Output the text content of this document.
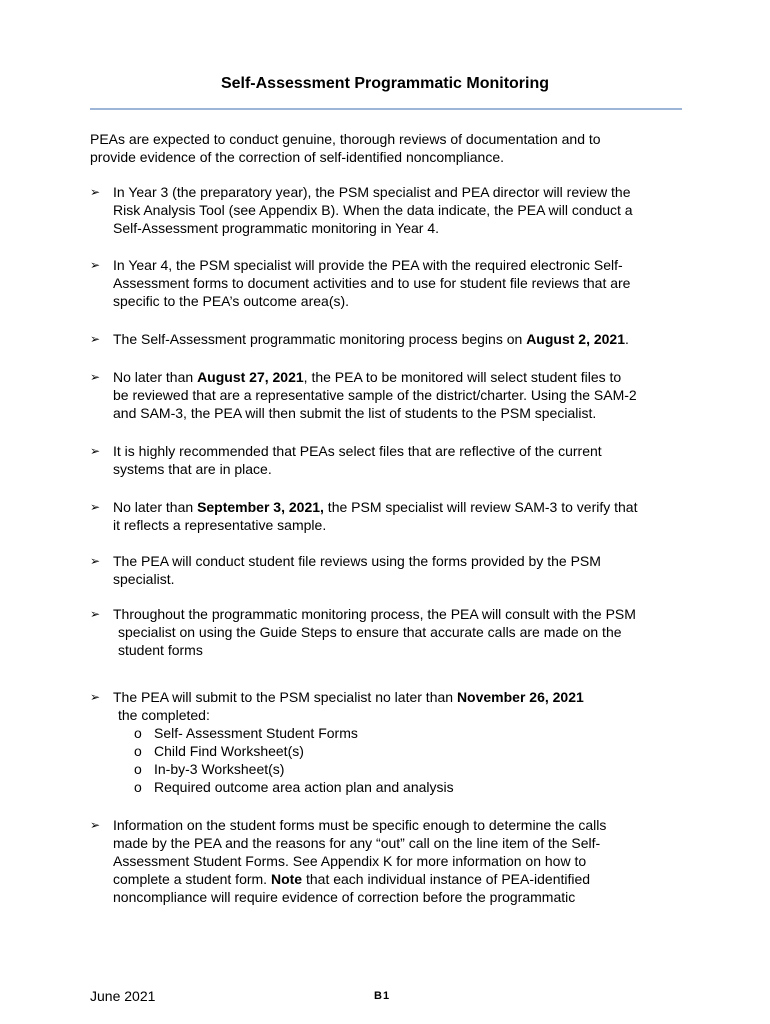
Self-Assessment Programmatic Monitoring
PEAs are expected to conduct genuine, thorough reviews of documentation and to
provide evidence of the correction of self-identified noncompliance.
➢ In Year 3 (the preparatory year), the PSM specialist and PEA director will review the
Risk Analysis Tool (see Appendix B). When the data indicate, the PEA will conduct a
Self-Assessment programmatic monitoring in Year 4.
➢ In Year 4, the PSM specialist will provide the PEA with the required electronic Self-
Assessment forms to document activities and to use for student file reviews that are
specific to the PEA’s outcome area(s).
➢ The Self-Assessment programmatic monitoring process begins on August 2, 2021.
➢ No later than August 27, 2021, the PEA to be monitored will select student files to
be reviewed that are a representative sample of the district/charter. Using the SAM-2
and SAM-3, the PEA will then submit the list of students to the PSM specialist.
➢ It is highly recommended that PEAs select files that are reflective of the current
systems that are in place.
➢ No later than September 3, 2021, the PSM specialist will review SAM-3 to verify that
it reflects a representative sample.
➢ The PEA will conduct student file reviews using the forms provided by the PSM
specialist.
➢ Throughout the programmatic monitoring process, the PEA will consult with the PSM
specialist on using the Guide Steps to ensure that accurate calls are made on the
student forms
➢ The PEA will submit to the PSM specialist no later than November 26, 2021
the completed:
o Self- Assessment Student Forms
o Child Find Worksheet(s)
o In-by-3 Worksheet(s)
o Required outcome area action plan and analysis
➢ Information on the student forms must be specific enough to determine the calls
made by the PEA and the reasons for any “out” call on the line item of the Self-
Assessment Student Forms. See Appendix K for more information on how to
complete a student form. Note that each individual instance of PEA-identified
noncompliance will require evidence of correction before the programmatic
June 2021	B1
